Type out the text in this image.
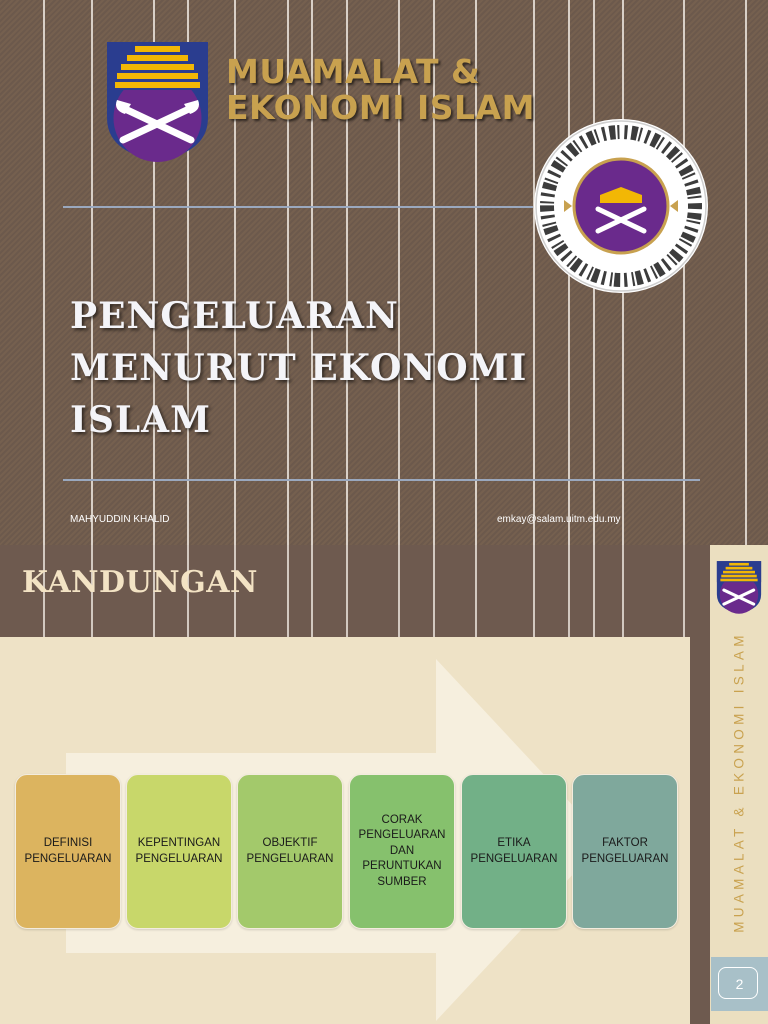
MUAMALAT &
EKONOMI ISLAM
PENGELUARAN
MENURUT EKONOMI
ISLAM
MAHYUDDIN KHALID	emkay@salam.uitm.edu.my
KANDUNGAN
DEFINISI
PENGELUARAN
KEPENTINGAN
PENGELUARAN
OBJEKTIF
PENGELUARAN
CORAK
PENGELUARAN
DAN
PERUNTUKAN
SUMBER
ETIKA
PENGELUARAN
FAKTOR
PENGELUARAN	MUAMALAT & EKONOMI ISLAM
2
